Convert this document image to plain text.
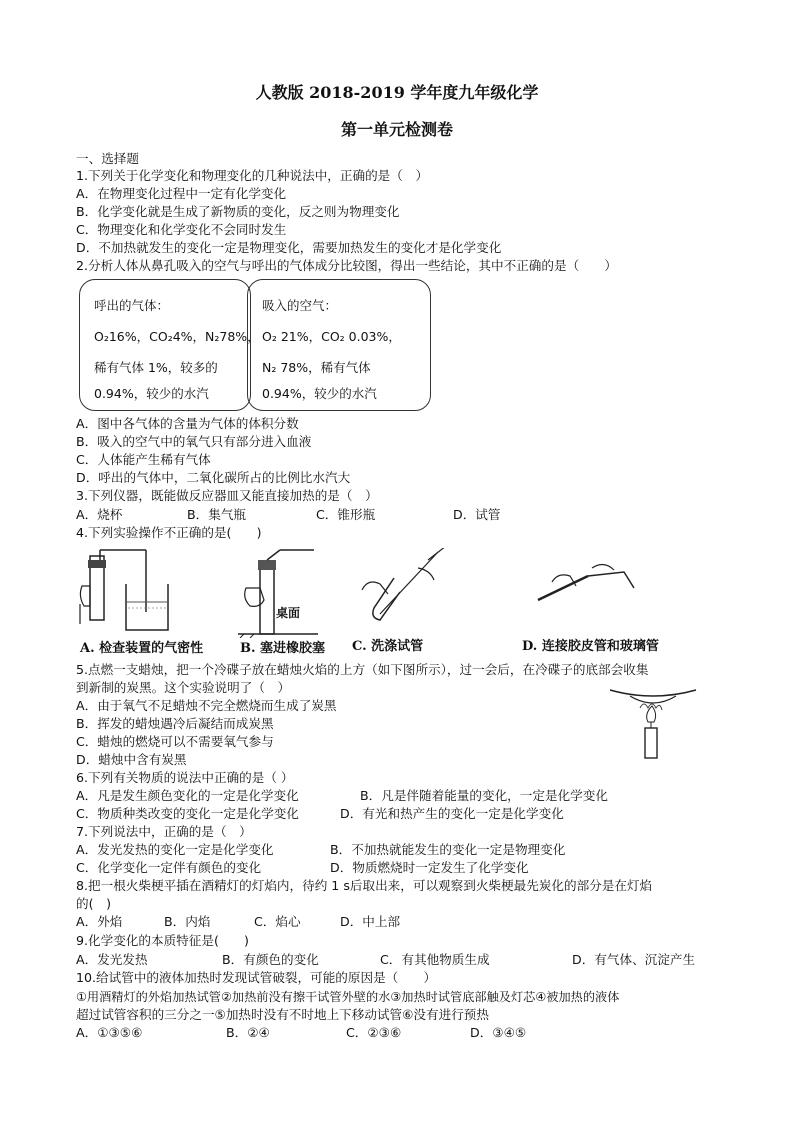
人教版 2018-2019 学年度九年级化学
第一单元检测卷
一、选择题
1.下列关于化学变化和物理变化的几种说法中，正确的是（　）
A．在物理变化过程中一定有化学变化
B．化学变化就是生成了新物质的变化，反之则为物理变化
C．物理变化和化学变化不会同时发生
D．不加热就发生的变化一定是物理变化，需要加热发生的变化才是化学变化
2.分析人体从鼻孔吸入的空气与呼出的气体成分比较图，得出一些结论，其中不正确的是（　　）
呼出的气体：
O₂16%，CO₂4%，N₂78%，
稀有气体 1%，较多的
0.94%，较少的水汽
吸入的空气：
O₂ 21%，CO₂ 0.03%，
N₂ 78%，稀有气体
0.94%，较少的水汽
A．图中各气体的含量为气体的体积分数
B．吸入的空气中的氧气只有部分进入血液
C．人体能产生稀有气体
D．呼出的气体中，二氧化碳所占的比例比水汽大
3.下列仪器，既能做反应器皿又能直接加热的是（　）
A．烧杯	B．集气瓶	C．锥形瓶	D．试管
4.下列实验操作不正确的是(　　)
桌面
A. 检查装置的气密性	B. 塞进橡胶塞 C. 洗涤试管	D. 连接胶皮管和玻璃管
5.点燃一支蜡烛，把一个冷碟子放在蜡烛火焰的上方（如下图所示），过一会后，在冷碟子的底部会收集
到新制的炭黑。这个实验说明了（　）
A．由于氧气不足蜡烛不完全燃烧而生成了炭黑
B．挥发的蜡烛遇冷后凝结而成炭黑
C．蜡烛的燃烧可以不需要氧气参与
D．蜡烛中含有炭黑
6.下列有关物质的说法中正确的是（ ）
A．凡是发生颜色变化的一定是化学变化	B．凡是伴随着能量的变化，一定是化学变化
C．物质种类改变的变化一定是化学变化	D．有光和热产生的变化一定是化学变化
7.下列说法中，正确的是（　）
A．发光发热的变化一定是化学变化	B．不加热就能发生的变化一定是物理变化
C．化学变化一定伴有颜色的变化	D．物质燃烧时一定发生了化学变化
8.把一根火柴梗平插在酒精灯的灯焰内，待约 1 s后取出来，可以观察到火柴梗最先炭化的部分是在灯焰
的(　)
A．外焰	B．内焰	C．焰心	D．中上部
9.化学变化的本质特征是(　　)
A．发光发热	B．有颜色的变化	C．有其他物质生成	D．有气体、沉淀产生
10.给试管中的液体加热时发现试管破裂，可能的原因是（　　）
①用酒精灯的外焰加热试管②加热前没有擦干试管外壁的水③加热时试管底部触及灯芯④被加热的液体
超过试管容积的三分之一⑤加热时没有不时地上下移动试管⑥没有进行预热
A．①③⑤⑥	B．②④	C．②③⑥	D．③④⑤
